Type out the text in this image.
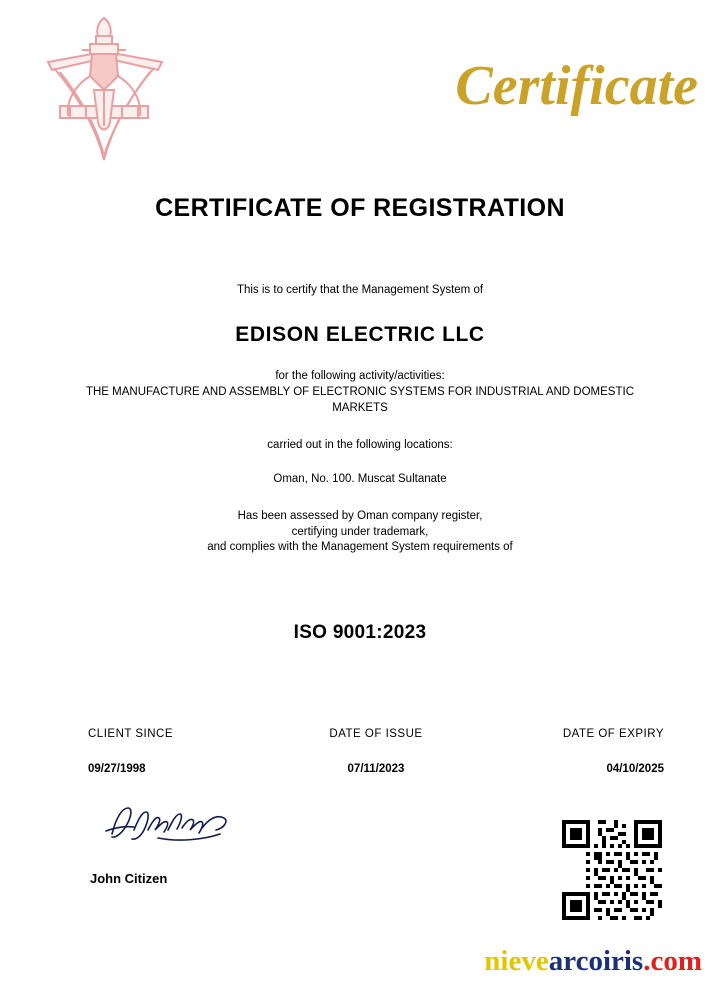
Certificate
CERTIFICATE OF REGISTRATION
This is to certify that the Management System of
EDISON ELECTRIC LLC
for the following activity/activities:
THE MANUFACTURE AND ASSEMBLY OF ELECTRONIC SYSTEMS FOR INDUSTRIAL AND DOMESTIC
MARKETS
carried out in the following locations:
Oman, No. 100. Muscat Sultanate
Has been assessed by Oman company register,
certifying under trademark,
and complies with the Management System requirements of
ISO 9001:2023
CLIENT SINCE
09/27/1998
DATE OF ISSUE
07/11/2023
DATE OF EXPIRY
04/10/2025
John Citizen
nievearcoiris.com
